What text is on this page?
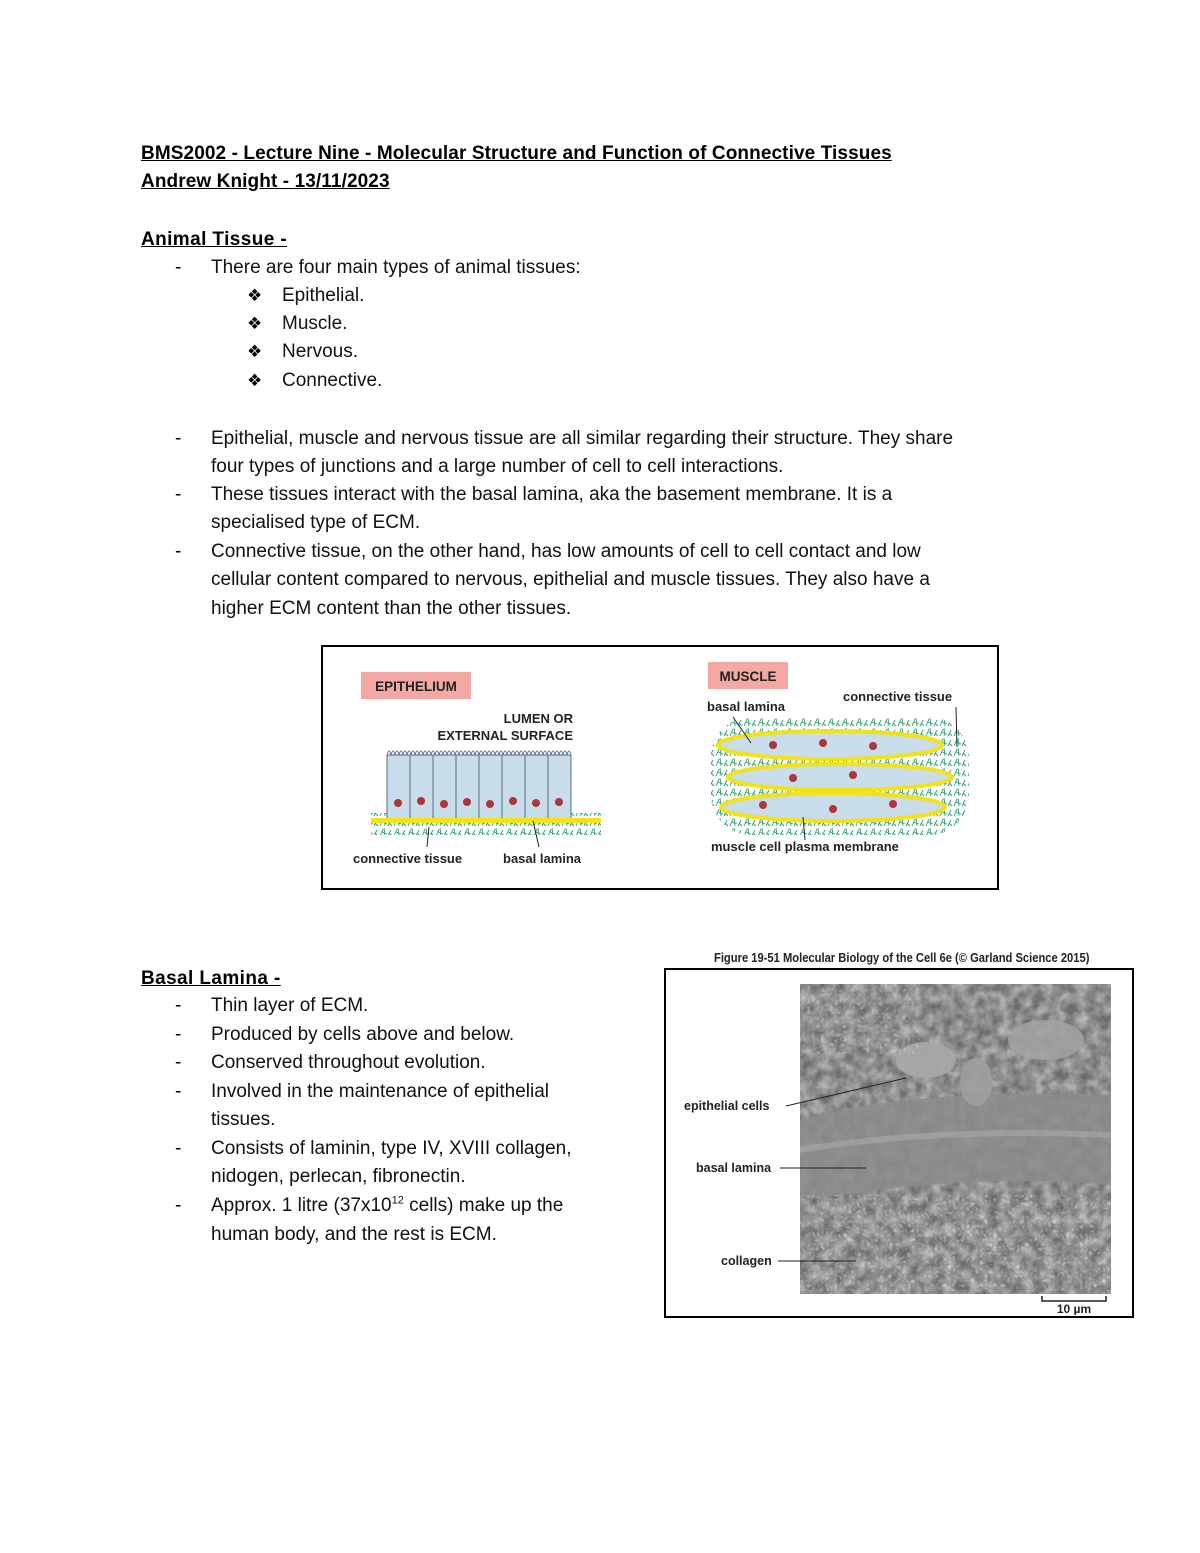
BMS2002 - Lecture Nine - Molecular Structure and Function of Connective Tissues
Andrew Knight - 13/11/2023
Animal Tissue -
- There are four main types of animal tissues:
❖ Epithelial.
❖ Muscle.
❖ Nervous.
❖ Connective.
- Epithelial, muscle and nervous tissue are all similar regarding their structure. They share
four types of junctions and a large number of cell to cell interactions.
- These tissues interact with the basal lamina, aka the basement membrane. It is a
specialised type of ECM.
- Connective tissue, on the other hand, has low amounts of cell to cell contact and low
cellular content compared to nervous, epithelial and muscle tissues. They also have a
higher ECM content than the other tissues.
EPITHELIUM
LUMEN OR
EXTERNAL SURFACE
connective tissue	basal lamina
MUSCLE
basal lamina
connective tissue
muscle cell plasma membrane
Basal Lamina -
- Thin layer of ECM.
- Produced by cells above and below.
- Conserved throughout evolution.
- Involved in the maintenance of epithelial
tissues.
- Consists of laminin, type IV, XVIII collagen,
nidogen, perlecan, fibronectin.
- Approx. 1 litre ($37x10^{12}$ cells) make up the
human body, and the rest is ECM.
Figure 19-51 Molecular Biology of the Cell 6e (© Garland Science 2015)
epithelial cells
basal lamina
collagen
10 µm
